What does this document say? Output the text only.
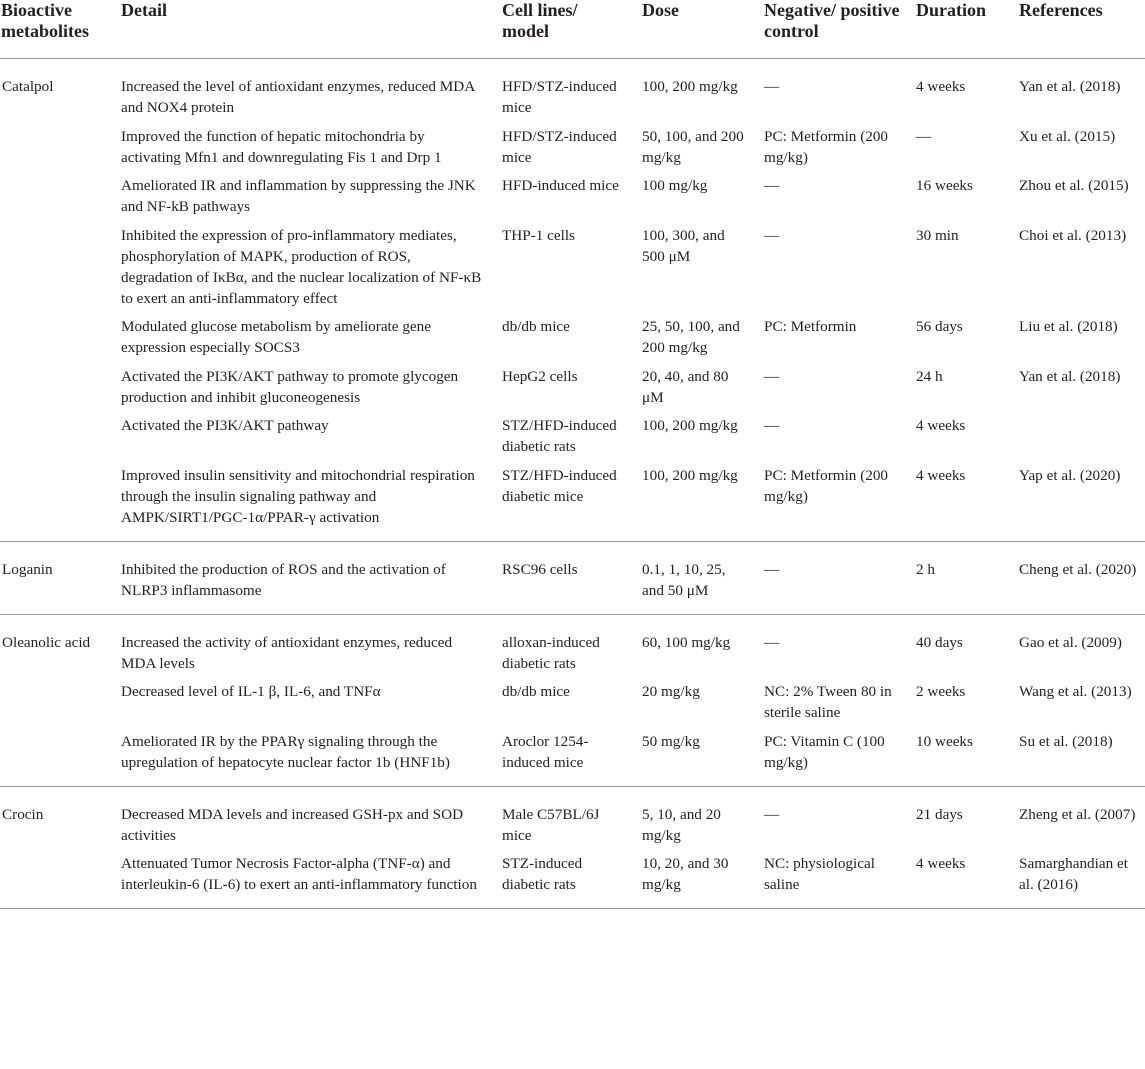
Bioactive metabolites	Detail	Cell lines/ model	Dose	Negative/ positive control	Duration	References
Catalpol	Increased the level of antioxidant enzymes, reduced MDA and NOX4 protein	HFD/STZ-induced mice	100, 200 mg/kg	—	4 weeks	Yan et al. (2018)
	Improved the function of hepatic mitochondria by activating Mfn1 and downregulating Fis 1 and Drp 1	HFD/STZ-induced mice	50, 100, and 200 mg/kg	PC: Metformin (200 mg/kg)	—	Xu et al. (2015)
	Ameliorated IR and inflammation by suppressing the JNK and NF-kB pathways	HFD-induced mice	100 mg/kg	—	16 weeks	Zhou et al. (2015)
	Inhibited the expression of pro-inflammatory mediates, phosphorylation of MAPK, production of ROS, degradation of IκBα, and the nuclear localization of NF-κB to exert an anti-inflammatory effect	THP-1 cells	100, 300, and 500 μM	—	30 min	Choi et al. (2013)
	Modulated glucose metabolism by ameliorate gene expression especially SOCS3	db/db mice	25, 50, 100, and 200 mg/kg	PC: Metformin	56 days	Liu et al. (2018)
	Activated the PI3K/AKT pathway to promote glycogen production and inhibit gluconeogenesis	HepG2 cells	20, 40, and 80 μM	—	24 h	Yan et al. (2018)
	Activated the PI3K/AKT pathway	STZ/HFD-induced diabetic rats	100, 200 mg/kg	—	4 weeks	
	Improved insulin sensitivity and mitochondrial respiration through the insulin signaling pathway and AMPK/SIRT1/PGC-1α/PPAR-γ activation	STZ/HFD-induced diabetic mice	100, 200 mg/kg	PC: Metformin (200 mg/kg)	4 weeks	Yap et al. (2020)
Loganin	Inhibited the production of ROS and the activation of NLRP3 inflammasome	RSC96 cells	0.1, 1, 10, 25, and 50 μM	—	2 h	Cheng et al. (2020)
Oleanolic acid	Increased the activity of antioxidant enzymes, reduced MDA levels	alloxan-induced diabetic rats	60, 100 mg/kg	—	40 days	Gao et al. (2009)
	Decreased level of IL-1 β, IL-6, and TNFα	db/db mice	20 mg/kg	NC: 2% Tween 80 in sterile saline	2 weeks	Wang et al. (2013)
	Ameliorated IR by the PPARγ signaling through the upregulation of hepatocyte nuclear factor 1b (HNF1b)	Aroclor 1254-induced mice	50 mg/kg	PC: Vitamin C (100 mg/kg)	10 weeks	Su et al. (2018)
Crocin	Decreased MDA levels and increased GSH-px and SOD activities	Male C57BL/6J mice	5, 10, and 20 mg/kg	—	21 days	Zheng et al. (2007)
	Attenuated Tumor Necrosis Factor-alpha (TNF-α) and interleukin-6 (IL-6) to exert an anti-inflammatory function	STZ-induced diabetic rats	10, 20, and 30 mg/kg	NC: physiological saline	4 weeks	Samarghandian et al. (2016)
